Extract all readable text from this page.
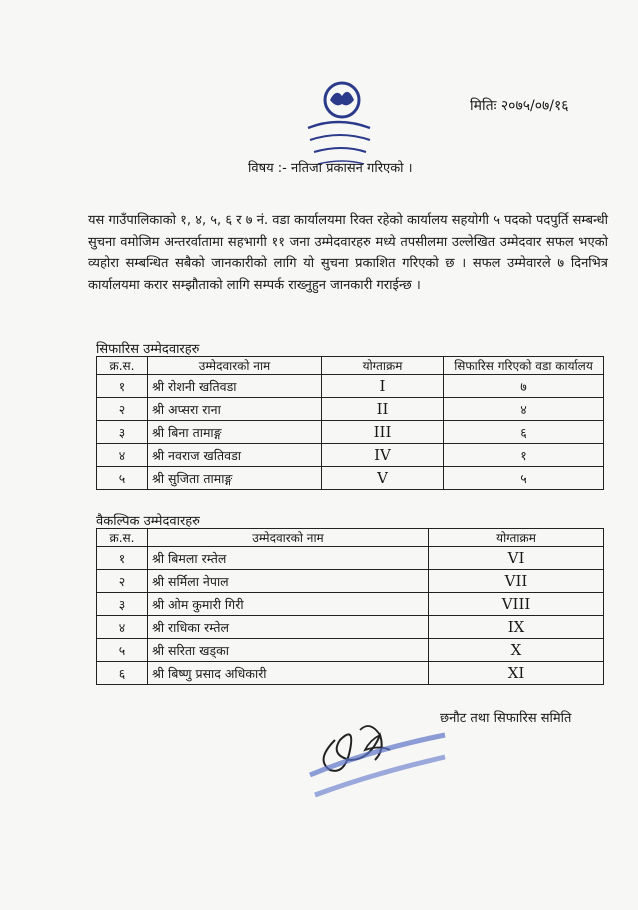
मितिः २०७५/०७/१६
विषय :- नतिजा प्रकासन गरिएको ।
यस गाउँपालिकाको १, ४, ५, ६ र ७ नं. वडा कार्यालयमा रिक्त रहेको कार्यालय सहयोगी ५ पदको पदपुर्ति सम्बन्धी सुचना वमोजिम अन्तरर्वातामा सहभागी ११ जना उम्मेदवारहरु मध्ये तपसीलमा उल्लेखित उम्मेदवार सफल भएको व्यहोरा सम्बन्धित सबैको जानकारीको लागि यो सुचना प्रकाशित गरिएको छ । सफल उम्मेवारले ७ दिनभित्र कार्यालयमा करार सम्झौताको लागि सम्पर्क राख्नुहुन जानकारी गराईन्छ ।
सिफारिस उम्मेदवारहरु
क्र.स.	उम्मेदवारको नाम	योग्ताक्रम	सिफारिस गरिएको वडा कार्यालय
१	श्री रोशनी खतिवडा	I	७
२	श्री अप्सरा राना	II	४
३	श्री बिना तामाङ्ग	III	६
४	श्री नवराज खतिवडा	IV	१
५	श्री सुजिता तामाङ्ग	V	५
वैकल्पिक उम्मेदवारहरु
क्र.स.	उम्मेदवारको नाम	योग्ताक्रम
१	श्री बिमला रम्तेल	VI
२	श्री सर्मिला नेपाल	VII
३	श्री ओम कुमारी गिरी	VIII
४	श्री राधिका रम्तेल	IX
५	श्री सरिता खड्का	X
६	श्री बिष्णु प्रसाद अधिकारी	XI
छनौट तथा सिफारिस समिति
